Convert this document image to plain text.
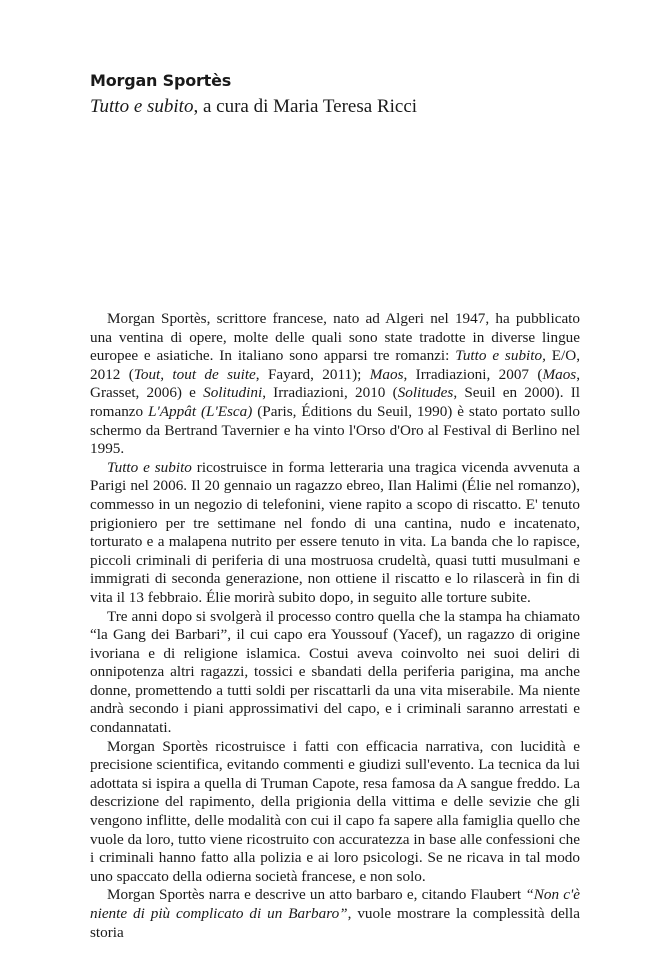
Morgan Sportès
Tutto e subito, a cura di Maria Teresa Ricci

Morgan Sportès, scrittore francese, nato ad Algeri nel 1947, ha pubblicato una ventina di opere, molte delle quali sono state tradotte in diverse lingue europee e asiatiche. In italiano sono apparsi tre romanzi: Tutto e subito, E/O, 2012 (Tout, tout de suite, Fayard, 2011); Maos, Irradiazioni, 2007 (Maos, Grasset, 2006) e Solitudini, Irradiazioni, 2010 (Solitudes, Seuil en 2000). Il romanzo L'Appât (L'Esca) (Paris, Éditions du Seuil, 1990) è stato portato sullo schermo da Bertrand Tavernier e ha vinto l'Orso d'Oro al Festival di Berlino nel 1995.

Tutto e subito ricostruisce in forma letteraria una tragica vicenda avvenuta a Parigi nel 2006. Il 20 gennaio un ragazzo ebreo, Ilan Halimi (Élie nel romanzo), commesso in un negozio di telefonini, viene rapito a scopo di riscatto. E' tenuto prigioniero per tre settimane nel fondo di una cantina, nudo e incatenato, torturato e a malapena nutrito per essere tenuto in vita. La banda che lo rapisce, piccoli criminali di periferia di una mostruosa crudeltà, quasi tutti musulmani e immigrati di seconda generazione, non ottiene il riscatto e lo rilascerà in fin di vita il 13 febbraio. Élie morirà subito dopo, in seguito alle torture subite.

Tre anni dopo si svolgerà il processo contro quella che la stampa ha chiamato “la Gang dei Barbari”, il cui capo era Youssouf (Yacef), un ragazzo di origine ivoriana e di religione islamica. Costui aveva coinvolto nei suoi deliri di onnipotenza altri ragazzi, tossici e sbandati della periferia parigina, ma anche donne, promettendo a tutti soldi per riscattarli da una vita miserabile. Ma niente andrà secondo i piani approssimativi del capo, e i criminali saranno arrestati e condannatati.

Morgan Sportès ricostruisce i fatti con efficacia narrativa, con lucidità e precisione scientifica, evitando commenti e giudizi sull'evento. La tecnica da lui adottata si ispira a quella di Truman Capote, resa famosa da A sangue freddo. La descrizione del rapimento, della prigionia della vittima e delle sevizie che gli vengono inflitte, delle modalità con cui il capo fa sapere alla famiglia quello che vuole da loro, tutto viene ricostruito con accuratezza in base alle confessioni che i criminali hanno fatto alla polizia e ai loro psicologi. Se ne ricava in tal modo uno spaccato della odierna società francese, e non solo.

Morgan Sportès narra e descrive un atto barbaro e, citando Flaubert “Non c'è niente di più complicato di un Barbaro”, vuole mostrare la complessità della storia
